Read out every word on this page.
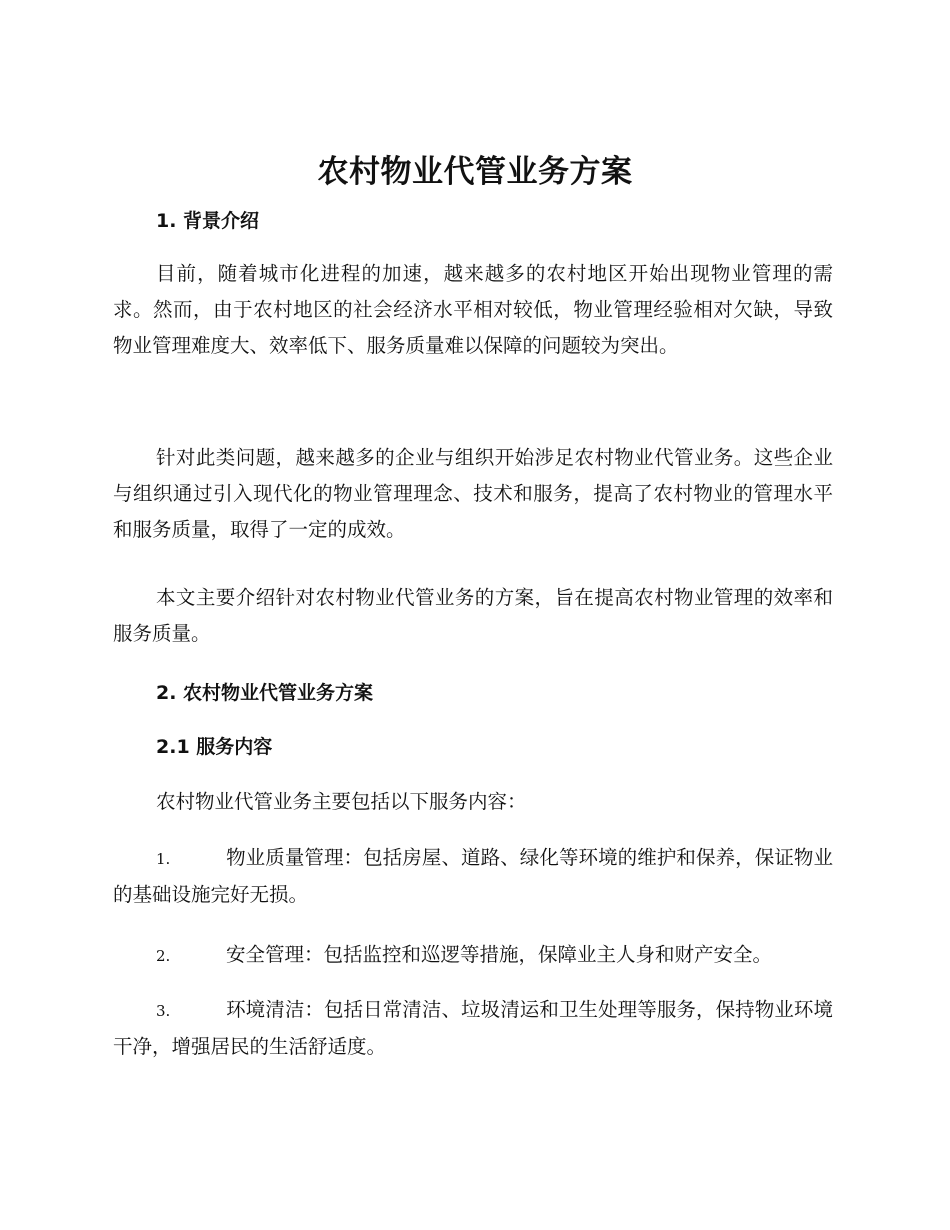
农村物业代管业务方案
1. 背景介绍

目前，随着城市化进程的加速，越来越多的农村地区开始出现物业管理的需求。然而，由于农村地区的社会经济水平相对较低，物业管理经验相对欠缺，导致物业管理难度大、效率低下、服务质量难以保障的问题较为突出。

针对此类问题，越来越多的企业与组织开始涉足农村物业代管业务。这些企业与组织通过引入现代化的物业管理理念、技术和服务，提高了农村物业的管理水平和服务质量，取得了一定的成效。

本文主要介绍针对农村物业代管业务的方案，旨在提高农村物业管理的效率和服务质量。

2. 农村物业代管业务方案
2.1 服务内容

农村物业代管业务主要包括以下服务内容：

1.	物业质量管理：包括房屋、道路、绿化等环境的维护和保养，保证物业的基础设施完好无损。

2.	安全管理：包括监控和巡逻等措施，保障业主人身和财产安全。

3.	环境清洁：包括日常清洁、垃圾清运和卫生处理等服务，保持物业环境干净，增强居民的生活舒适度。
